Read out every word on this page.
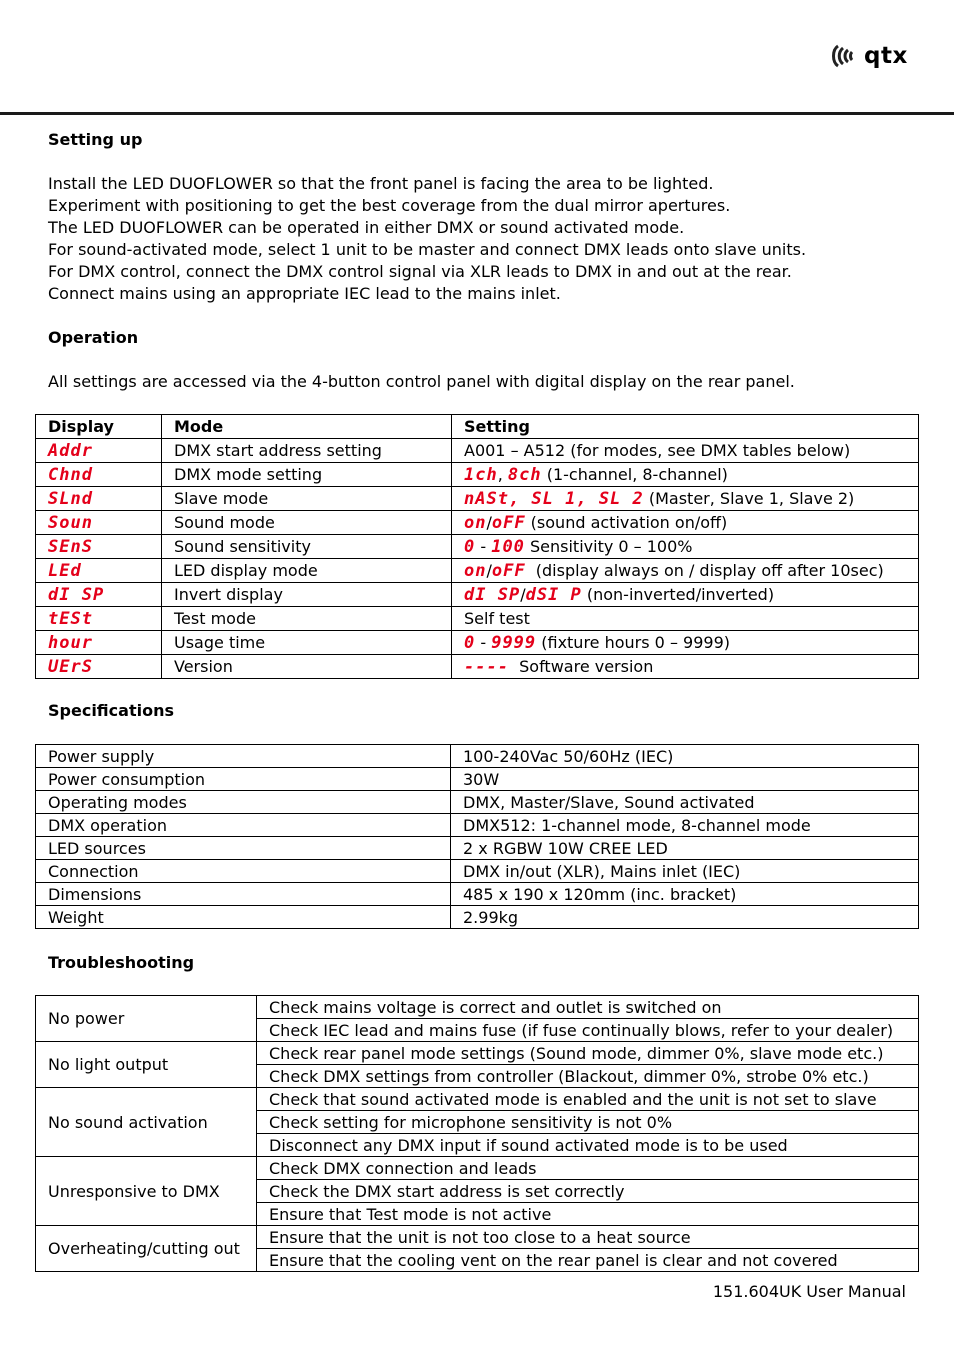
qtx

Setting up

Install the LED DUOFLOWER so that the front panel is facing the area to be lighted.

Experiment with positioning to get the best coverage from the dual mirror apertures.

The LED DUOFLOWER can be operated in either DMX or sound activated mode.

For sound-activated mode, select 1 unit to be master and connect DMX leads onto slave units.

For DMX control, connect the DMX control signal via XLR leads to DMX in and out at the rear.

Connect mains using an appropriate IEC lead to the mains inlet.

Operation

All settings are accessed via the 4-button control panel with digital display on the rear panel.

Display	Mode	Setting
Addr	DMX start address setting	A001 – A512 (for modes, see DMX tables below)
Chnd	DMX mode setting	1ch, 8ch (1-channel, 8-channel)
SLnd	Slave mode	nASt, SL 1, SL 2 (Master, Slave 1, Slave 2)
Soun	Sound mode	on/oFF (sound activation on/off)
SEnS	Sound sensitivity	0 - 100 Sensitivity 0 – 100%
LEd	LED display mode	on/oFF  (display always on / display off after 10sec)
dI SP	Invert display	dI SP/dSI P (non-inverted/inverted)
tESt	Test mode	Self test
hour	Usage time	0 - 9999 (fixture hours 0 – 9999)
UErS	Version	----  Software version

Specifications

Power supply	100-240Vac 50/60Hz (IEC)
Power consumption	30W
Operating modes	DMX, Master/Slave, Sound activated
DMX operation	DMX512: 1-channel mode, 8-channel mode
LED sources	2 x RGBW 10W CREE LED
Connection	DMX in/out (XLR), Mains inlet (IEC)
Dimensions	485 x 190 x 120mm (inc. bracket)
Weight	2.99kg

Troubleshooting

No power	Check mains voltage is correct and outlet is switched on
	Check IEC lead and mains fuse (if fuse continually blows, refer to your dealer)
No light output	Check rear panel mode settings (Sound mode, dimmer 0%, slave mode etc.)
	Check DMX settings from controller (Blackout, dimmer 0%, strobe 0% etc.)
No sound activation	Check that sound activated mode is enabled and the unit is not set to slave
	Check setting for microphone sensitivity is not 0%
	Disconnect any DMX input if sound activated mode is to be used
Unresponsive to DMX	Check DMX connection and leads
	Check the DMX start address is set correctly
	Ensure that Test mode is not active
Overheating/cutting out	Ensure that the unit is not too close to a heat source
	Ensure that the cooling vent on the rear panel is clear and not covered
151.604UK User Manual
